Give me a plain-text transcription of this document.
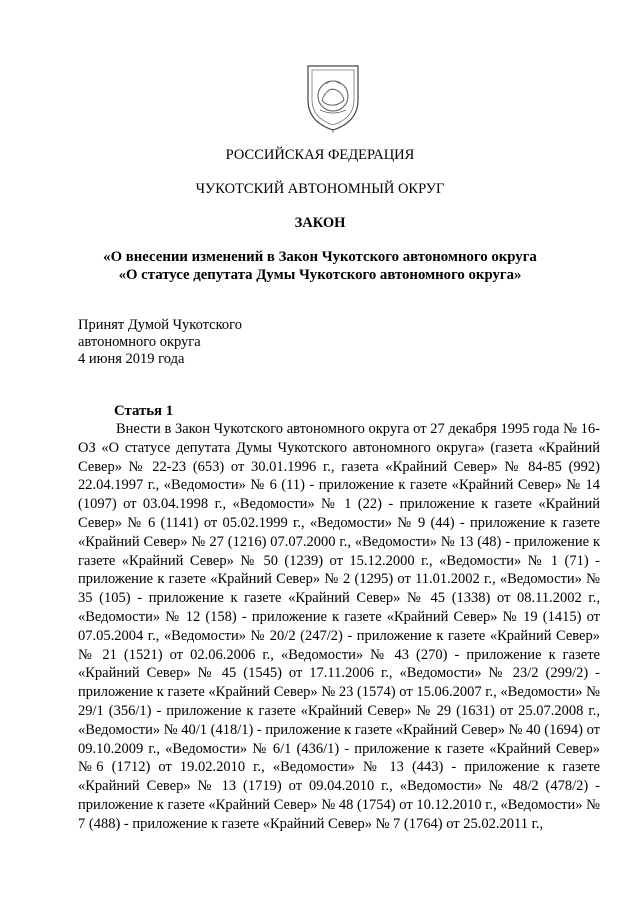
РОССИЙСКАЯ ФЕДЕРАЦИЯ
ЧУКОТСКИЙ АВТОНОМНЫЙ ОКРУГ
ЗАКОН
«О внесении изменений в Закон Чукотского автономного округа
«О статусе депутата Думы Чукотского автономного округа»
Принят Думой Чукотского
автономного округа
4 июня 2019 года
Статья 1

Внести в Закон Чукотского автономного округа от 27 декабря 1995 года № 16-ОЗ «О статусе депутата Думы Чукотского автономного округа» (газета «Крайний Север» № 22-23 (653) от 30.01.1996 г., газета «Крайний Север» № 84-85 (992) 22.04.1997 г., «Ведомости» № 6 (11) - приложение к газете «Крайний Север» № 14 (1097) от 03.04.1998 г., «Ведомости» № 1 (22) - приложение к газете «Крайний Север» № 6 (1141) от 05.02.1999 г., «Ведомости» № 9 (44) - приложение к газете «Крайний Север» № 27 (1216) 07.07.2000 г., «Ведомости» № 13 (48) - приложение к газете «Крайний Север» № 50 (1239) от 15.12.2000 г., «Ведомости» № 1 (71) - приложение к газете «Крайний Север» № 2 (1295) от 11.01.2002 г., «Ведомости» № 35 (105) - приложение к газете «Крайний Север» № 45 (1338) от 08.11.2002 г., «Ведомости» № 12 (158) - приложение к газете «Крайний Север» № 19 (1415) от 07.05.2004 г., «Ведомости» № 20/2 (247/2) - приложение к газете «Крайний Север» № 21 (1521) от 02.06.2006 г., «Ведомости» № 43 (270) - приложение к газете «Крайний Север» № 45 (1545) от 17.11.2006 г., «Ведомости» № 23/2 (299/2) - приложение к газете «Крайний Север» № 23 (1574) от 15.06.2007 г., «Ведомости» № 29/1 (356/1) - приложение к газете «Крайний Север» № 29 (1631) от 25.07.2008 г., «Ведомости» № 40/1 (418/1) - приложение к газете «Крайний Север» № 40 (1694) от 09.10.2009 г., «Ведомости» № 6/1 (436/1) - приложение к газете «Крайний Север» №6 (1712) от 19.02.2010 г., «Ведомости» № 13 (443) - приложение к газете «Крайний Север» № 13 (1719) от 09.04.2010 г., «Ведомости» № 48/2 (478/2) - приложение к газете «Крайний Север» № 48 (1754) от 10.12.2010 г., «Ведомости» № 7 (488) - приложение к газете «Крайний Север» № 7 (1764) от 25.02.2011 г.,
